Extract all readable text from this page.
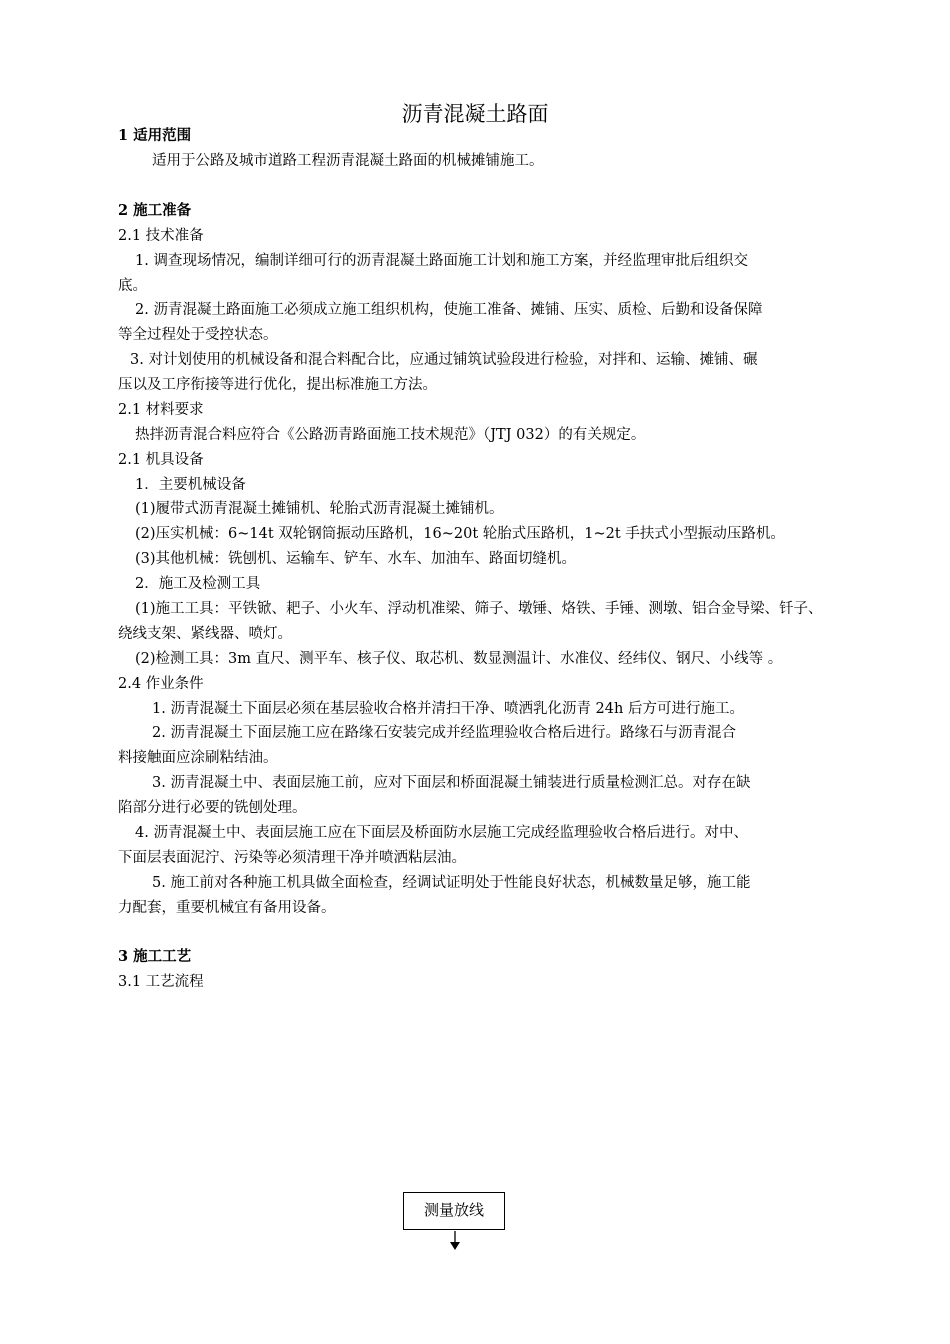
沥青混凝土路面
1 适用范围
适用于公路及城市道路工程沥青混凝土路面的机械摊铺施工。
2 施工准备
2.1 技术准备
1. 调查现场情况，编制详细可行的沥青混凝土路面施工计划和施工方案，并经监理审批后组织交
底。
2. 沥青混凝土路面施工必须成立施工组织机构，使施工准备、摊铺、压实、质检、后勤和设备保障
等全过程处于受控状态。
3. 对计划使用的机械设备和混合料配合比，应通过铺筑试验段进行检验，对拌和、运输、摊铺、碾
压以及工序衔接等进行优化，提出标准施工方法。
2.1 材料要求
热拌沥青混合料应符合《公路沥青路面施工技术规范》（JTJ 032）的有关规定。
2.1 机具设备
1．主要机械设备
(1)履带式沥青混凝土摊铺机、轮胎式沥青混凝土摊铺机。
(2)压实机械：6~14t 双轮钢筒振动压路机，16~20t 轮胎式压路机，1~2t 手扶式小型振动压路机。
(3)其他机械：铣刨机、运输车、铲车、水车、加油车、路面切缝机。
2．施工及检测工具
(1)施工工具：平铁锨、耙子、小火车、浮动机准梁、筛子、墩锤、烙铁、手锤、测墩、铝合金导梁、钎子、
绕线支架、紧线器、喷灯。
(2)检测工具：3m 直尺、测平车、核子仪、取芯机、数显测温计、水准仪、经纬仪、钢尺、小线等 。
2.4 作业条件
1. 沥青混凝土下面层必须在基层验收合格并清扫干净、喷洒乳化沥青 24h 后方可进行施工。
2. 沥青混凝土下面层施工应在路缘石安装完成并经监理验收合格后进行。路缘石与沥青混合
料接触面应涂刷粘结油。
3. 沥青混凝土中、表面层施工前，应对下面层和桥面混凝土铺装进行质量检测汇总。对存在缺
陷部分进行必要的铣刨处理。
4. 沥青混凝土中、表面层施工应在下面层及桥面防水层施工完成经监理验收合格后进行。对中、
下面层表面泥泞、污染等必须清理干净并喷洒粘层油。
5. 施工前对各种施工机具做全面检查，经调试证明处于性能良好状态，机械数量足够，施工能
力配套，重要机械宜有备用设备。
3 施工工艺
3.1 工艺流程
测量放线
